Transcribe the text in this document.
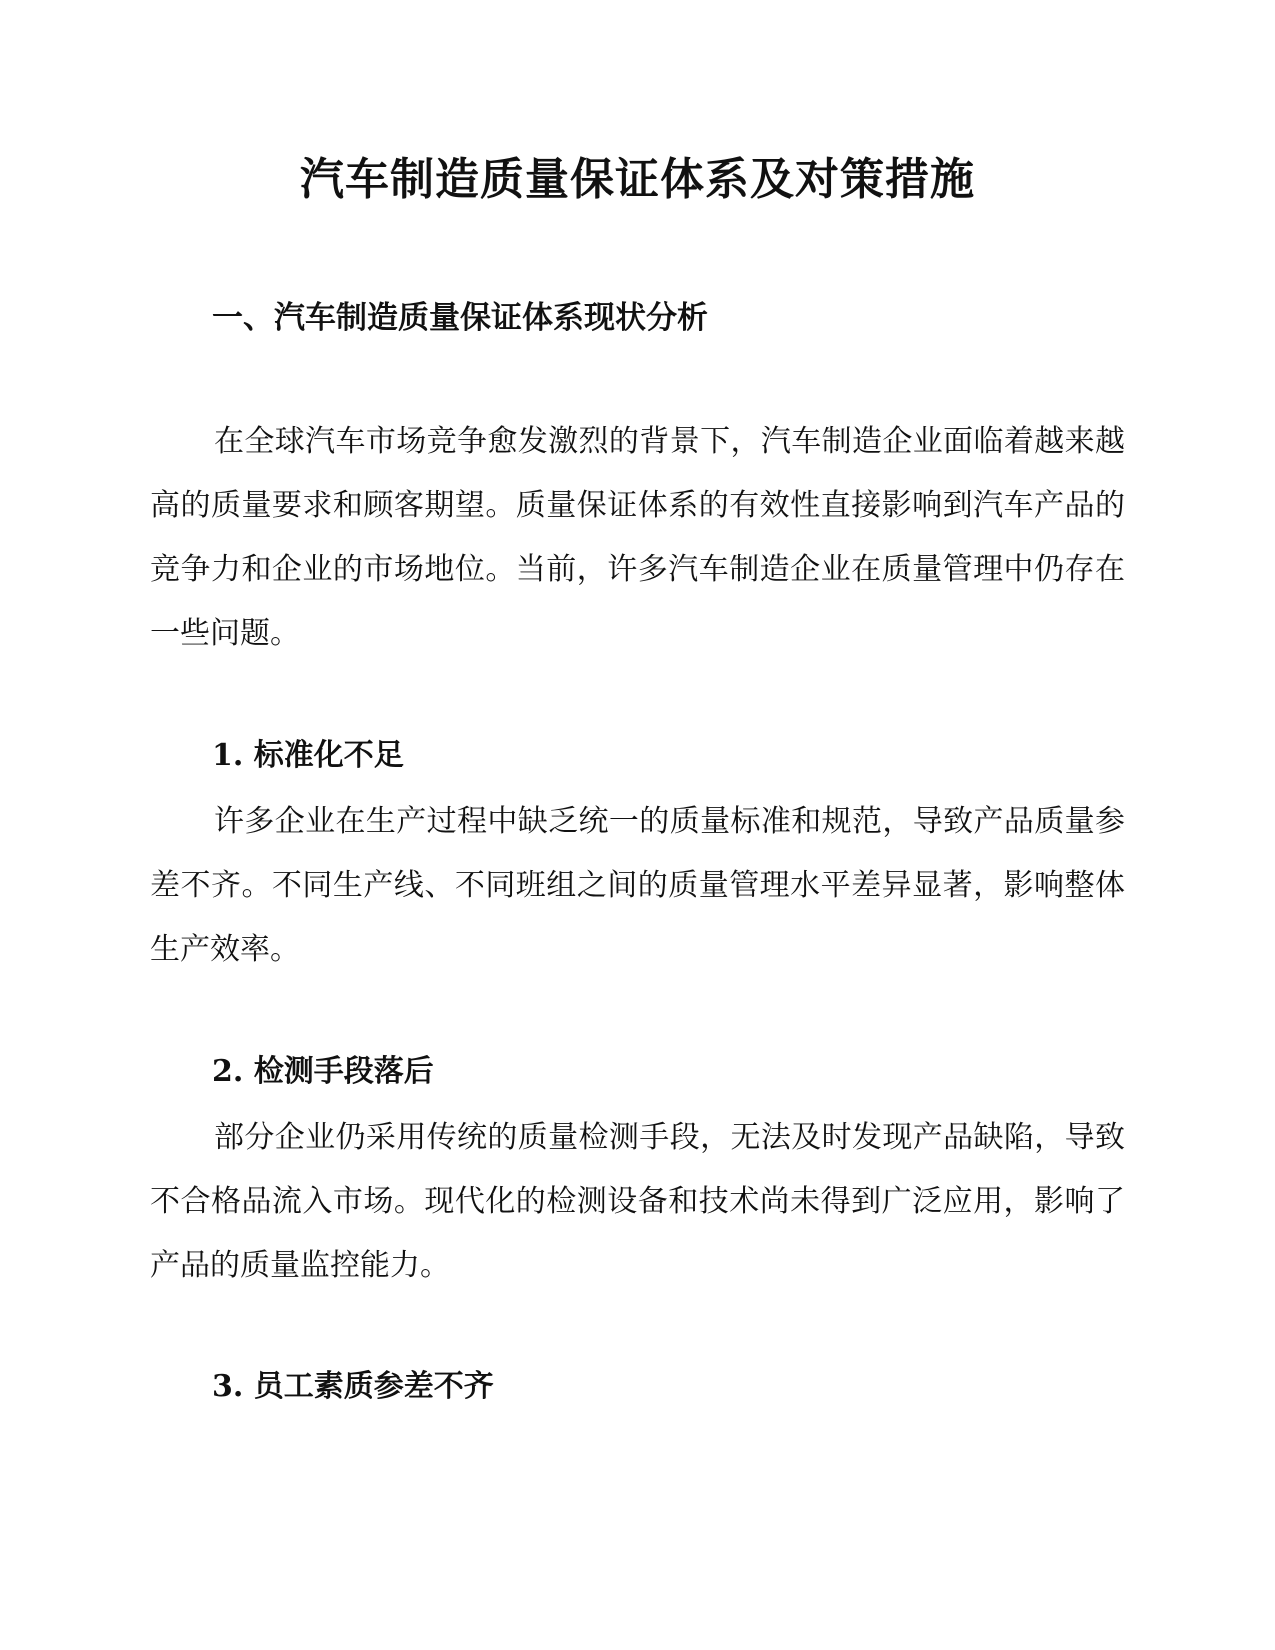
汽车制造质量保证体系及对策措施
一、汽车制造质量保证体系现状分析

在全球汽车市场竞争愈发激烈的背景下，汽车制造企业面临着越来越高的质量要求和顾客期望。质量保证体系的有效性直接影响到汽车产品的竞争力和企业的市场地位。当前，许多汽车制造企业在质量管理中仍存在一些问题。

1. 标准化不足

许多企业在生产过程中缺乏统一的质量标准和规范，导致产品质量参差不齐。不同生产线、不同班组之间的质量管理水平差异显著，影响整体生产效率。

2. 检测手段落后

部分企业仍采用传统的质量检测手段，无法及时发现产品缺陷，导致不合格品流入市场。现代化的检测设备和技术尚未得到广泛应用，影响了产品的质量监控能力。

3. 员工素质参差不齐
